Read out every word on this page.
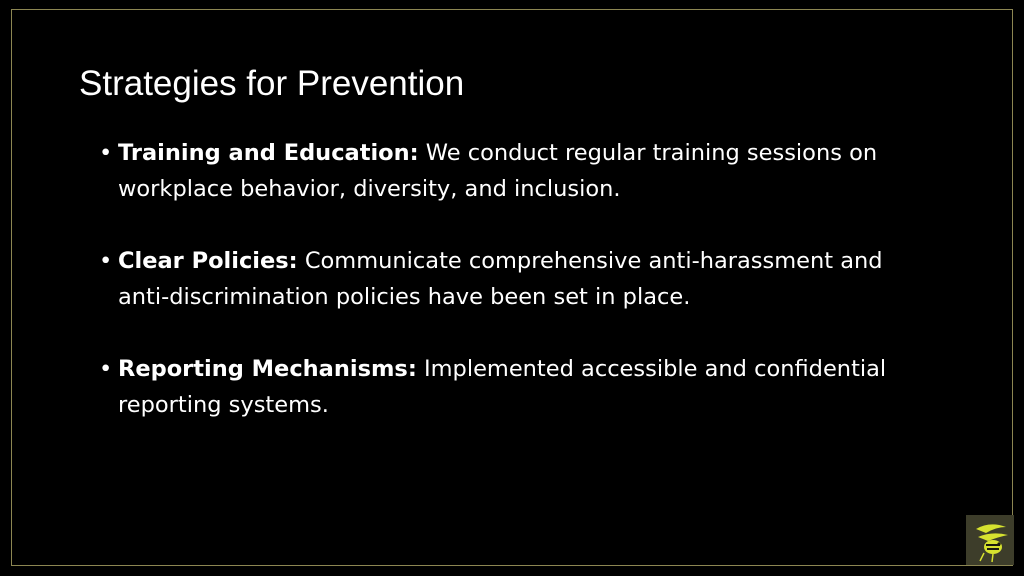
Strategies for Prevention
• Training and Education: We conduct regular training sessions on workplace behavior, diversity, and inclusion.
• Clear Policies: Communicate comprehensive anti-harassment and anti-discrimination policies have been set in place.
• Reporting Mechanisms: Implemented accessible and confidential reporting systems.
